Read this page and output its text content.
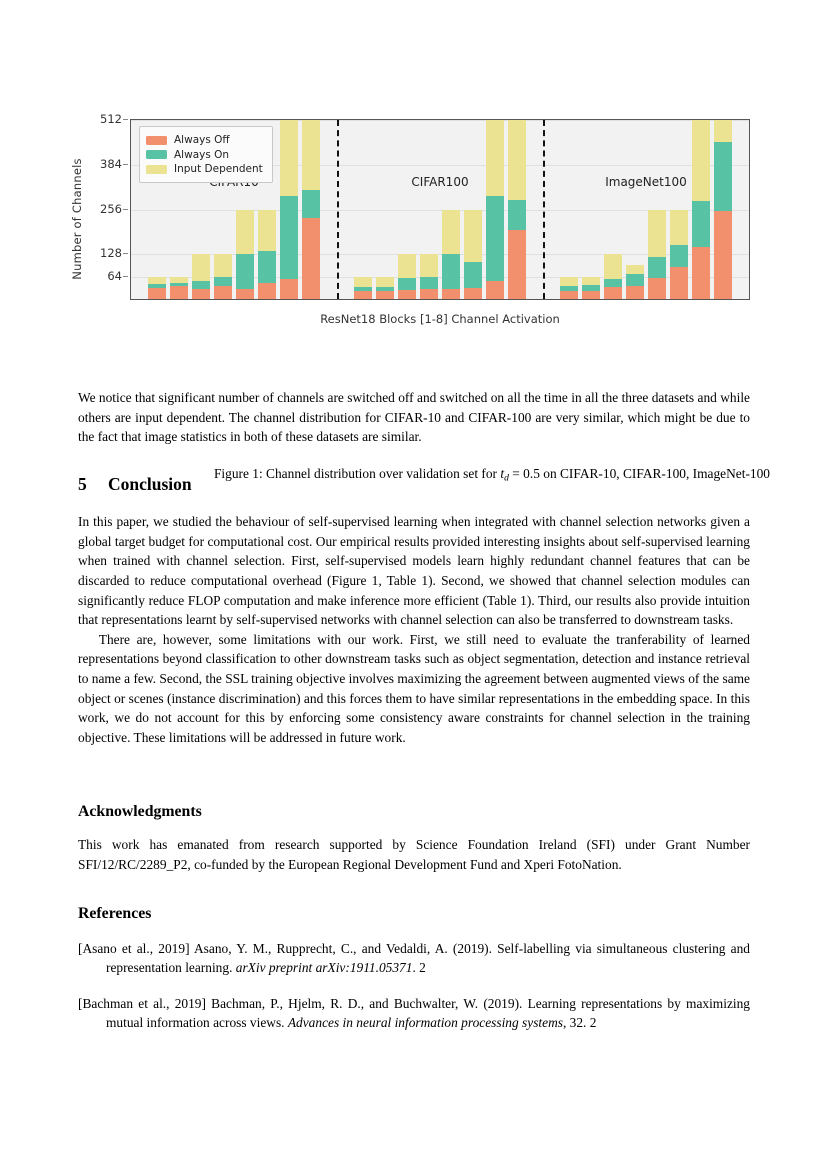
Number of Channels	64
128
256
384
512
Always Off
Always On
Input Dependent
CIFAR100	ImageNet100
ResNet18 Blocks [1-8] Channel Activation
Figure 1: Channel distribution over validation set for $t_d = 0.5$ on CIFAR-10, CIFAR-100, ImageNet-100

We notice that significant number of channels are switched off and switched on all the time in all the three datasets and while others are input dependent. The channel distribution for CIFAR-10 and CIFAR-100 are very similar, which might be due to the fact that image statistics in both of these datasets are similar.

5 Conclusion

In this paper, we studied the behaviour of self-supervised learning when integrated with channel selection networks given a global target budget for computational cost. Our empirical results provided interesting insights about self-supervised learning when trained with channel selection. First, self-supervised models learn highly redundant channel features that can be discarded to reduce computational overhead (Figure 1, Table 1). Second, we showed that channel selection modules can significantly reduce FLOP computation and make inference more efficient (Table 1). Third, our results also provide intuition that representations learnt by self-supervised networks with channel selection can also be transferred to downstream tasks.

There are, however, some limitations with our work. First, we still need to evaluate the tranferability of learned representations beyond classification to other downstream tasks such as object segmentation, detection and instance retrieval to name a few. Second, the SSL training objective involves maximizing the agreement between augmented views of the same object or scenes (instance discrimination) and this forces them to have similar representations in the embedding space. In this work, we do not account for this by enforcing some consistency aware constraints for channel selection in the training objective. These limitations will be addressed in future work.

Acknowledgments

This work has emanated from research supported by Science Foundation Ireland (SFI) under Grant Number SFI/12/RC/2289_P2, co-funded by the European Regional Development Fund and Xperi FotoNation.

References
[Asano et al., 2019] Asano, Y. M., Rupprecht, C., and Vedaldi, A. (2019). Self-labelling via simultaneous clustering and representation learning. arXiv preprint arXiv:1911.05371. 2
[Bachman et al., 2019] Bachman, P., Hjelm, R. D., and Buchwalter, W. (2019). Learning representations by maximizing mutual information across views. Advances in neural information processing systems, 32. 2
